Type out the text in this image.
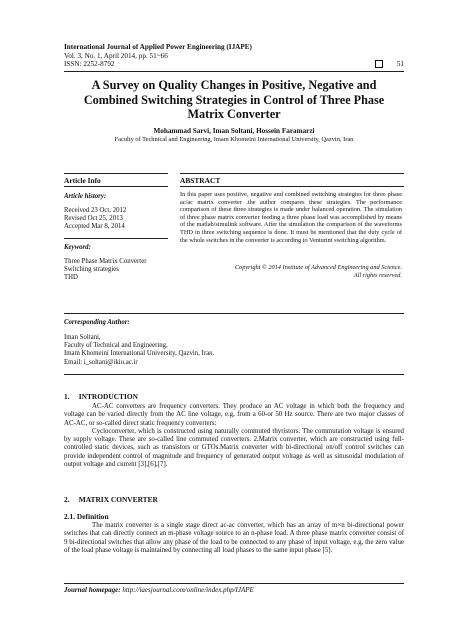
International Journal of Applied Power Engineering (IJAPE)
Vol. 3, No. 1, April 2014, pp. 51~66
ISSN: 2252-8792	51
A Survey on Quality Changes in Positive, Negative and
Combined Switching Strategies in Control of Three Phase
Matrix Converter
Mohammad Sarvi, Iman Soltani, Hossein Faramarzi
Faculty of Technical and Engineering, Imam Khomeini International University, Qazvin, Iran
Article Info
Article history:
Received 23 Oct, 2012
Revised Oct 25, 2013
Accepted Mar 8, 2014
Keyword:
Three Phase Matrix Converter
Switching strategies
THD
ABSTRACT
In this paper uses positive, negative and combined switching strategies for three phase ac/ac matrix converter .the author compares these strategies. The performance comparison of these three strategies is made under balanced operation. The simulation of three phase matrix converter feeding a three phase load was accomplished by means of the matlab/simulink software. After the simulation the comparison of the waveforms THD in three switching sequence is done. It must be mentioned that the duty cycle of the whole switches in the converter is according to Venturini switching algorithm.
Copyright © 2014 Institute of Advanced Engineering and Science.
All rights reserved.
Corresponding Author:
Iman Soltani,
Faculty of Technical and Engineering,
Imam Khomeini International University, Qazvin, Iran.
Email: i_soltani@ikiu.ac.ir
1.     INTRODUCTION

AC-AC converters are frequency converters. They produce an AC voltage in which both the frequency and voltage can be varied directly from the AC line voltage, e.g, from a 60-or 50 Hz source. There are two major classes of AC-AC, or so-called direct static frequency converters:

Cycloconverter, which is constructed using naturally commuted thyristors. The commutation voltage is ensured by supply voltage. These are so-called line commuted converters. 2.Matrix converter, which are constructed using full-controlled static devices, such as transistors or GTOs.Matrix converter with bi-directional on/off control switches can provide independent control of magnitude and frequency of generated output voltage as well as sinusoidal modulation of output voltage and current [3],[6],[7].

2.     MATRIX CONVERTER
2.1. Definition

The matrix converter is a single stage direct ac-ac converter, which has an array of m×n bi-directional power switches that can directly connect an m-phase voltage source to an n-phase load. A three phase matrix converter consist of 9 bi-directional switches that allow any phase of the load to be connected to any phase of input voltage, e.g, the zero value of the load phase voltage is maintained by connecting all load phases to the same input phase [5].

Journal homepage: http://iaesjournal.com/online/index.php/IJAPE
